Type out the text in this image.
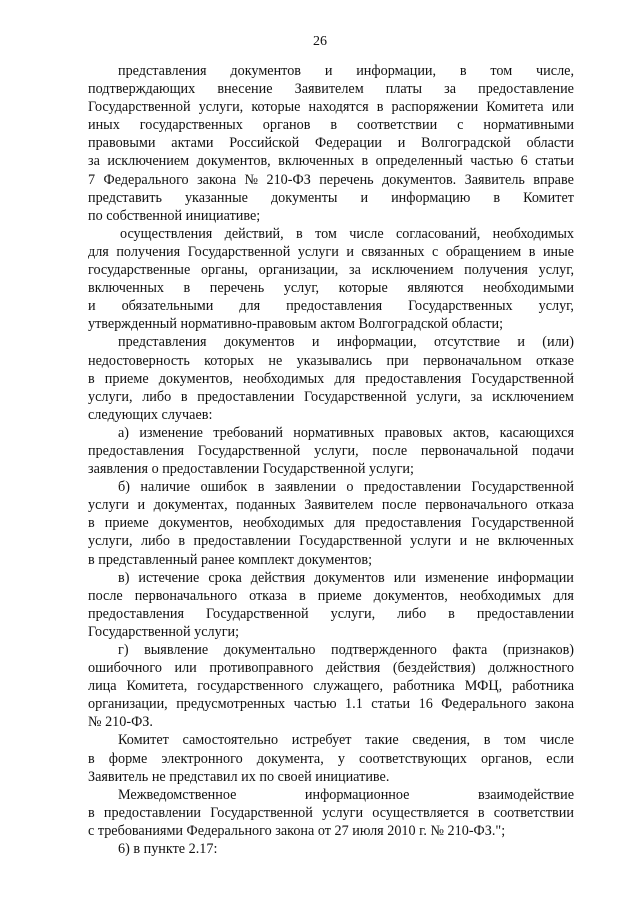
26
представления документов и информации, в том числе,
подтверждающих внесение Заявителем платы за предоставление
Государственной услуги, которые находятся в распоряжении Комитета или
иных государственных органов в соответствии с нормативными
правовыми актами Российской Федерации и Волгоградской области
за исключением документов, включенных в определенный частью 6 статьи
7 Федерального закона № 210-ФЗ перечень документов. Заявитель вправе
представить указанные документы и информацию в Комитет
по собственной инициативе;
осуществления действий, в том числе согласований, необходимых
для получения Государственной услуги и связанных с обращением в иные
государственные органы, организации, за исключением получения услуг,
включенных в перечень услуг, которые являются необходимыми
и обязательными для предоставления Государственных услуг,
утвержденный нормативно-правовым актом Волгоградской области;
представления документов и информации, отсутствие и (или)
недостоверность которых не указывались при первоначальном отказе
в приеме документов, необходимых для предоставления Государственной
услуги, либо в предоставлении Государственной услуги, за исключением
следующих случаев:
а) изменение требований нормативных правовых актов, касающихся
предоставления Государственной услуги, после первоначальной подачи
заявления о предоставлении Государственной услуги;
б) наличие ошибок в заявлении о предоставлении Государственной
услуги и документах, поданных Заявителем после первоначального отказа
в приеме документов, необходимых для предоставления Государственной
услуги, либо в предоставлении Государственной услуги и не включенных
в представленный ранее комплект документов;
в) истечение срока действия документов или изменение информации
после первоначального отказа в приеме документов, необходимых для
предоставления Государственной услуги, либо в предоставлении
Государственной услуги;
г) выявление документально подтвержденного факта (признаков)
ошибочного или противоправного действия (бездействия) должностного
лица Комитета, государственного служащего, работника МФЦ, работника
организации, предусмотренных частью 1.1 статьи 16 Федерального закона
№ 210-ФЗ.
Комитет самостоятельно истребует такие сведения, в том числе
в форме электронного документа, у соответствующих органов, если
Заявитель не представил их по своей инициативе.
Межведомственное	информационное	взаимодействие
в предоставлении Государственной услуги осуществляется в соответствии
с требованиями Федерального закона от 27 июля 2010 г. № 210-ФЗ.";
6) в пункте 2.17:
